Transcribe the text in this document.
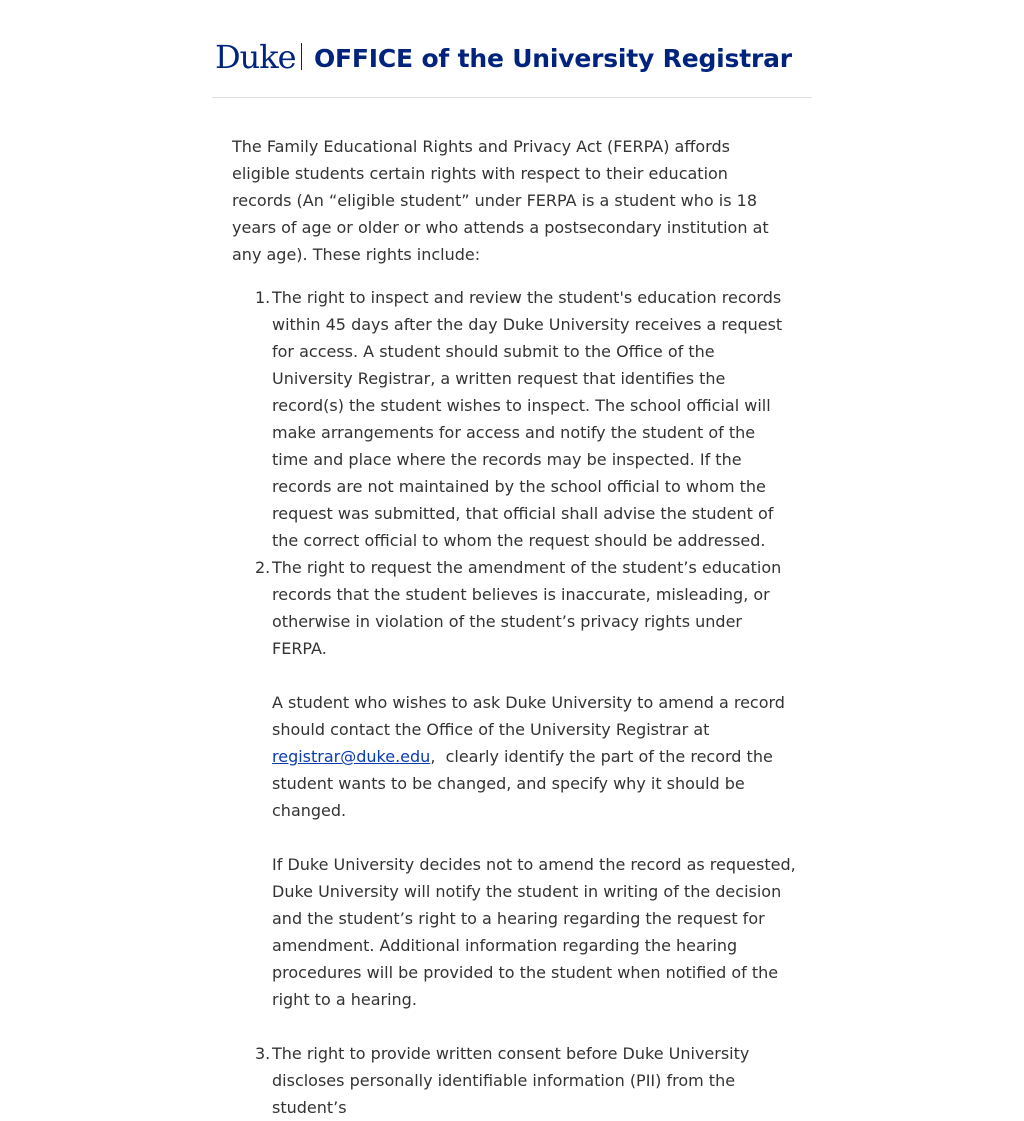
Duke OFFICE of the University Registrar

The Family Educational Rights and Privacy Act (FERPA) affords eligible students certain rights with respect to their education records (An “eligible student” under FERPA is a student who is 18 years of age or older or who attends a postsecondary institution at any age). These rights include:

1. The right to inspect and review the student's education records within 45 days after the day Duke University receives a request for access. A student should submit to the Office of the University Registrar, a written request that identifies the record(s) the student wishes to inspect. The school official will make arrangements for access and notify the student of the time and place where the records may be inspected. If the records are not maintained by the school official to whom the request was submitted, that official shall advise the student of the correct official to whom the request should be addressed.
2. The right to request the amendment of the student’s education records that the student believes is inaccurate, misleading, or otherwise in violation of the student’s privacy rights under FERPA.
A student who wishes to ask Duke University to amend a record should contact the Office of the University Registrar at registrar@duke.edu,  clearly identify the part of the record the student wants to be changed, and specify why it should be changed.
If Duke University decides not to amend the record as requested, Duke University will notify the student in writing of the decision and the student’s right to a hearing regarding the request for amendment. Additional information regarding the hearing procedures will be provided to the student when notified of the right to a hearing.
3. The right to provide written consent before Duke University discloses personally identifiable information (PII) from the student’s
